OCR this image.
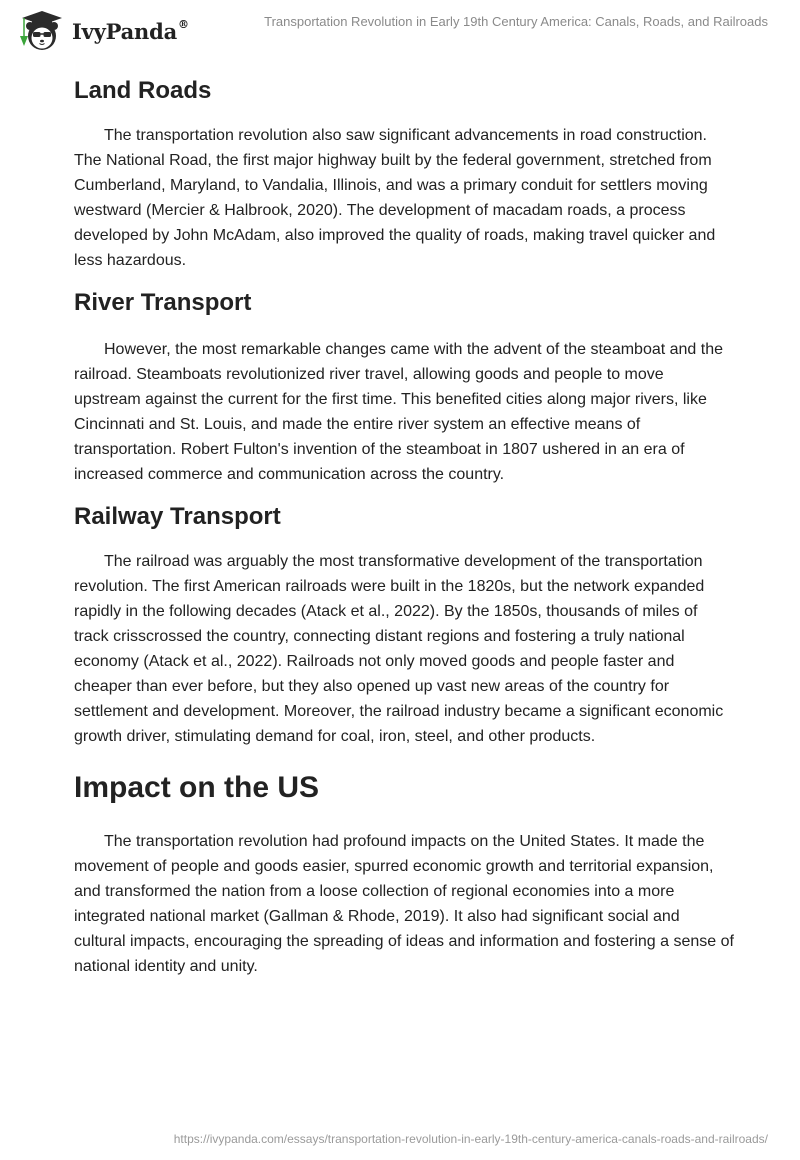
IvyPanda®	Transportation Revolution in Early 19th Century America: Canals, Roads, and Railroads
Land Roads

The transportation revolution also saw significant advancements in road construction. The National Road, the first major highway built by the federal government, stretched from Cumberland, Maryland, to Vandalia, Illinois, and was a primary conduit for settlers moving westward (Mercier & Halbrook, 2020). The development of macadam roads, a process developed by John McAdam, also improved the quality of roads, making travel quicker and less hazardous.

River Transport

However, the most remarkable changes came with the advent of the steamboat and the railroad. Steamboats revolutionized river travel, allowing goods and people to move upstream against the current for the first time. This benefited cities along major rivers, like Cincinnati and St. Louis, and made the entire river system an effective means of transportation. Robert Fulton's invention of the steamboat in 1807 ushered in an era of increased commerce and communication across the country.

Railway Transport

The railroad was arguably the most transformative development of the transportation revolution. The first American railroads were built in the 1820s, but the network expanded rapidly in the following decades (Atack et al., 2022). By the 1850s, thousands of miles of track crisscrossed the country, connecting distant regions and fostering a truly national economy (Atack et al., 2022). Railroads not only moved goods and people faster and cheaper than ever before, but they also opened up vast new areas of the country for settlement and development. Moreover, the railroad industry became a significant economic growth driver, stimulating demand for coal, iron, steel, and other products.

Impact on the US

The transportation revolution had profound impacts on the United States. It made the movement of people and goods easier, spurred economic growth and territorial expansion, and transformed the nation from a loose collection of regional economies into a more integrated national market (Gallman & Rhode, 2019). It also had significant social and cultural impacts, encouraging the spreading of ideas and information and fostering a sense of national identity and unity.

https://ivypanda.com/essays/transportation-revolution-in-early-19th-century-america-canals-roads-and-railroads/
